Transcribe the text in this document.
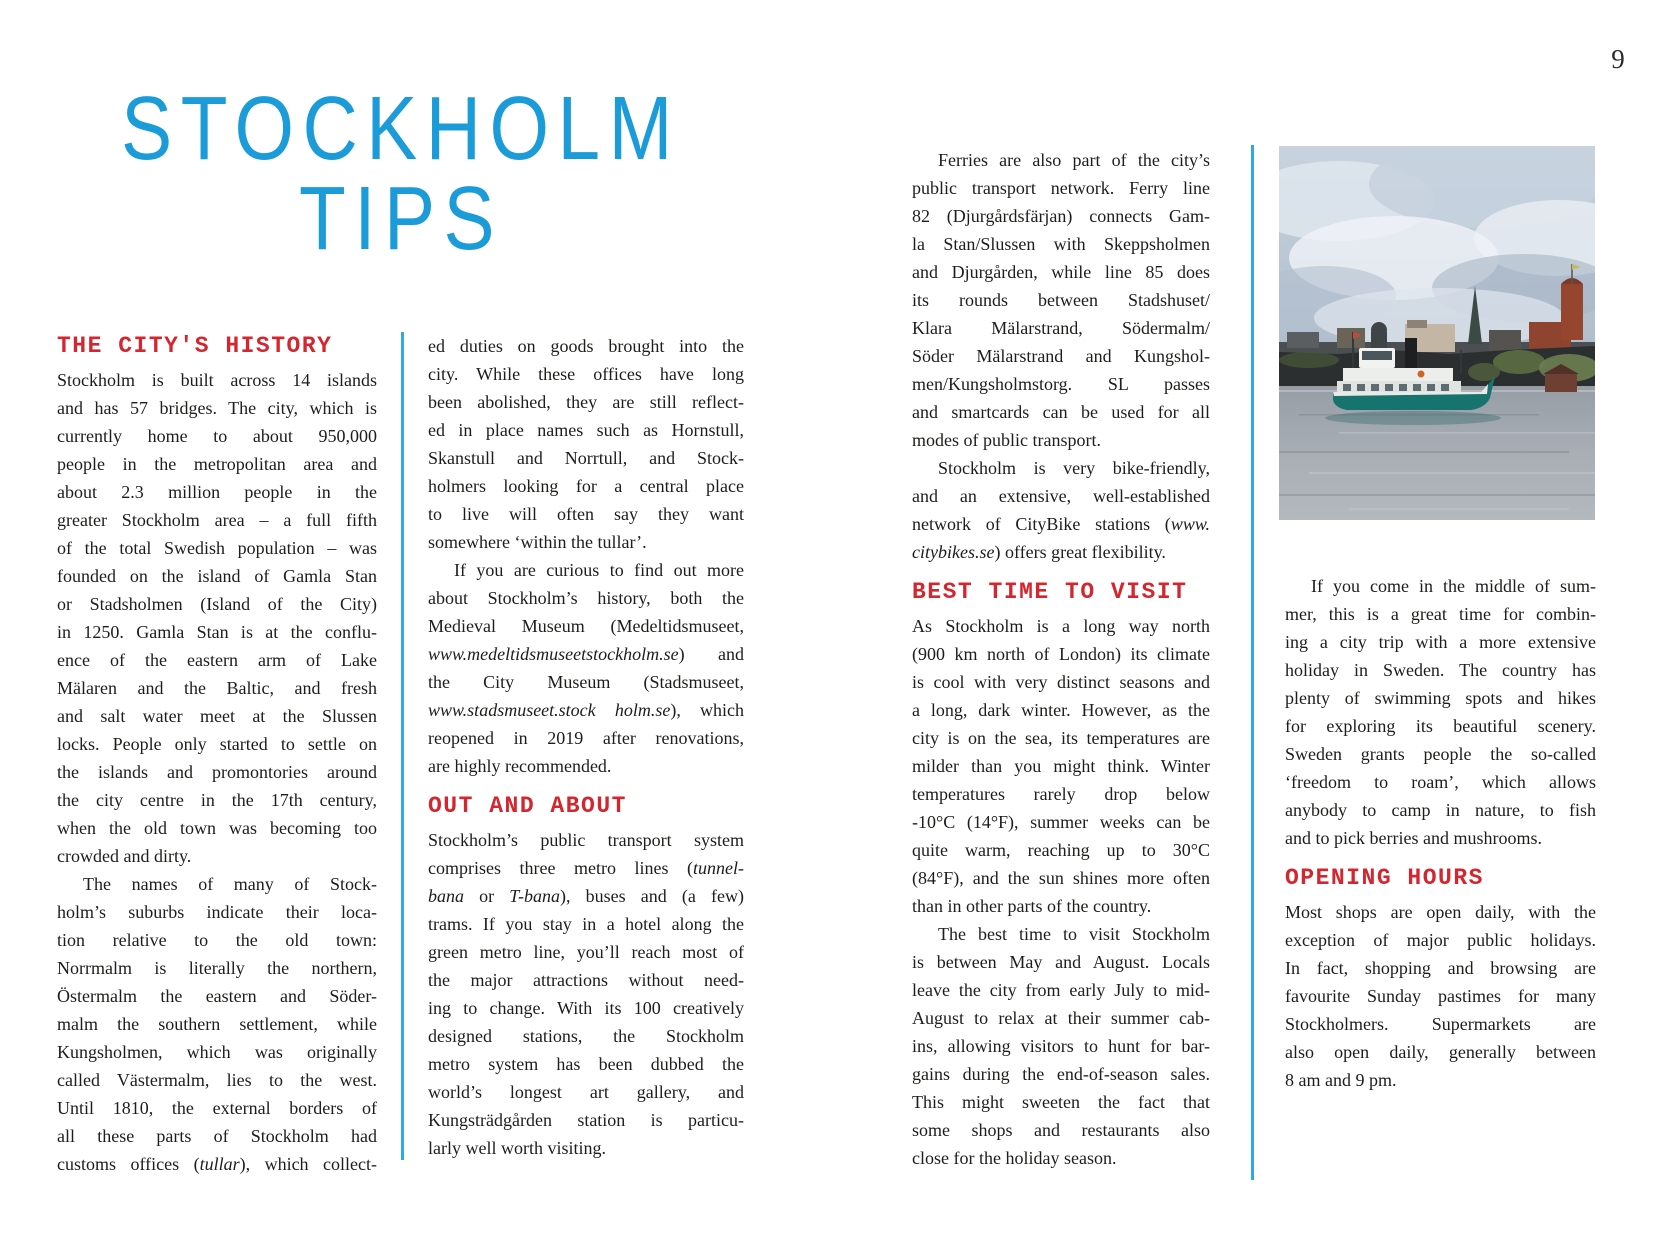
9
STOCKHOLM
TIPS
THE CITY'S HISTORY
Stockholm is built across 14 islands
and has 57 bridges. The city, which is
currently home to about 950,000
people in the metropolitan area and
about 2.3 million people in the
greater Stockholm area – a full fifth
of the total Swedish population – was
founded on the island of Gamla Stan
or Stadsholmen (Island of the City)
in 1250. Gamla Stan is at the conflu-
ence of the eastern arm of Lake
Mälaren and the Baltic, and fresh
and salt water meet at the Slussen
locks. People only started to settle on
the islands and promontories around
the city centre in the 17th century,
when the old town was becoming too
crowded and dirty.
The names of many of Stock-
holm’s suburbs indicate their loca-
tion relative to the old town:
Norrmalm is literally the northern,
Östermalm the eastern and Söder-
malm the southern settlement, while
Kungsholmen, which was originally
called Västermalm, lies to the west.
Until 1810, the external borders of
all these parts of Stockholm had
customs offices (tullar), which collect-
ed duties on goods brought into the
city. While these offices have long
been abolished, they are still reflect-
ed in place names such as Hornstull,
Skanstull and Norrtull, and Stock-
holmers looking for a central place
to live will often say they want
somewhere ‘within the tullar’.
If you are curious to find out more
about Stockholm’s history, both the
Medieval Museum (Medeltidsmuseet,
www.medeltidsmuseetstockholm.se) and
the City Museum (Stadsmuseet,
www.stadsmuseet.stock holm.se), which
reopened in 2019 after renovations,
are highly recommended.
OUT AND ABOUT
Stockholm’s public transport system
comprises three metro lines (tunnel-
bana or T-bana), buses and (a few)
trams. If you stay in a hotel along the
green metro line, you’ll reach most of
the major attractions without need-
ing to change. With its 100 creatively
designed stations, the Stockholm
metro system has been dubbed the
world’s longest art gallery, and
Kungsträdgården station is particu-
larly well worth visiting.
Ferries are also part of the city’s
public transport network. Ferry line
82 (Djurgårdsfärjan) connects Gam-
la Stan/Slussen with Skeppsholmen
and Djurgården, while line 85 does
its rounds between Stadshuset/
Klara Mälarstrand, Södermalm/
Söder Mälarstrand and Kungshol-
men/Kungsholmstorg. SL passes
and smartcards can be used for all
modes of public transport.
Stockholm is very bike-friendly,
and an extensive, well-established
network of CityBike stations (www.
citybikes.se) offers great flexibility.
BEST TIME TO VISIT
As Stockholm is a long way north
(900 km north of London) its climate
is cool with very distinct seasons and
a long, dark winter. However, as the
city is on the sea, its temperatures are
milder than you might think. Winter
temperatures rarely drop below
-10°C (14°F), summer weeks can be
quite warm, reaching up to 30°C
(84°F), and the sun shines more often
than in other parts of the country.
The best time to visit Stockholm
is between May and August. Locals
leave the city from early July to mid-
August to relax at their summer cab-
ins, allowing visitors to hunt for bar-
gains during the end-of-season sales.
This might sweeten the fact that
some shops and restaurants also
close for the holiday season.
If you come in the middle of sum-
mer, this is a great time for combin-
ing a city trip with a more extensive
holiday in Sweden. The country has
plenty of swimming spots and hikes
for exploring its beautiful scenery.
Sweden grants people the so-called
‘freedom to roam’, which allows
anybody to camp in nature, to fish
and to pick berries and mushrooms.
OPENING HOURS
Most shops are open daily, with the
exception of major public holidays.
In fact, shopping and browsing are
favourite Sunday pastimes for many
Stockholmers. Supermarkets are
also open daily, generally between
8 am and 9 pm.
